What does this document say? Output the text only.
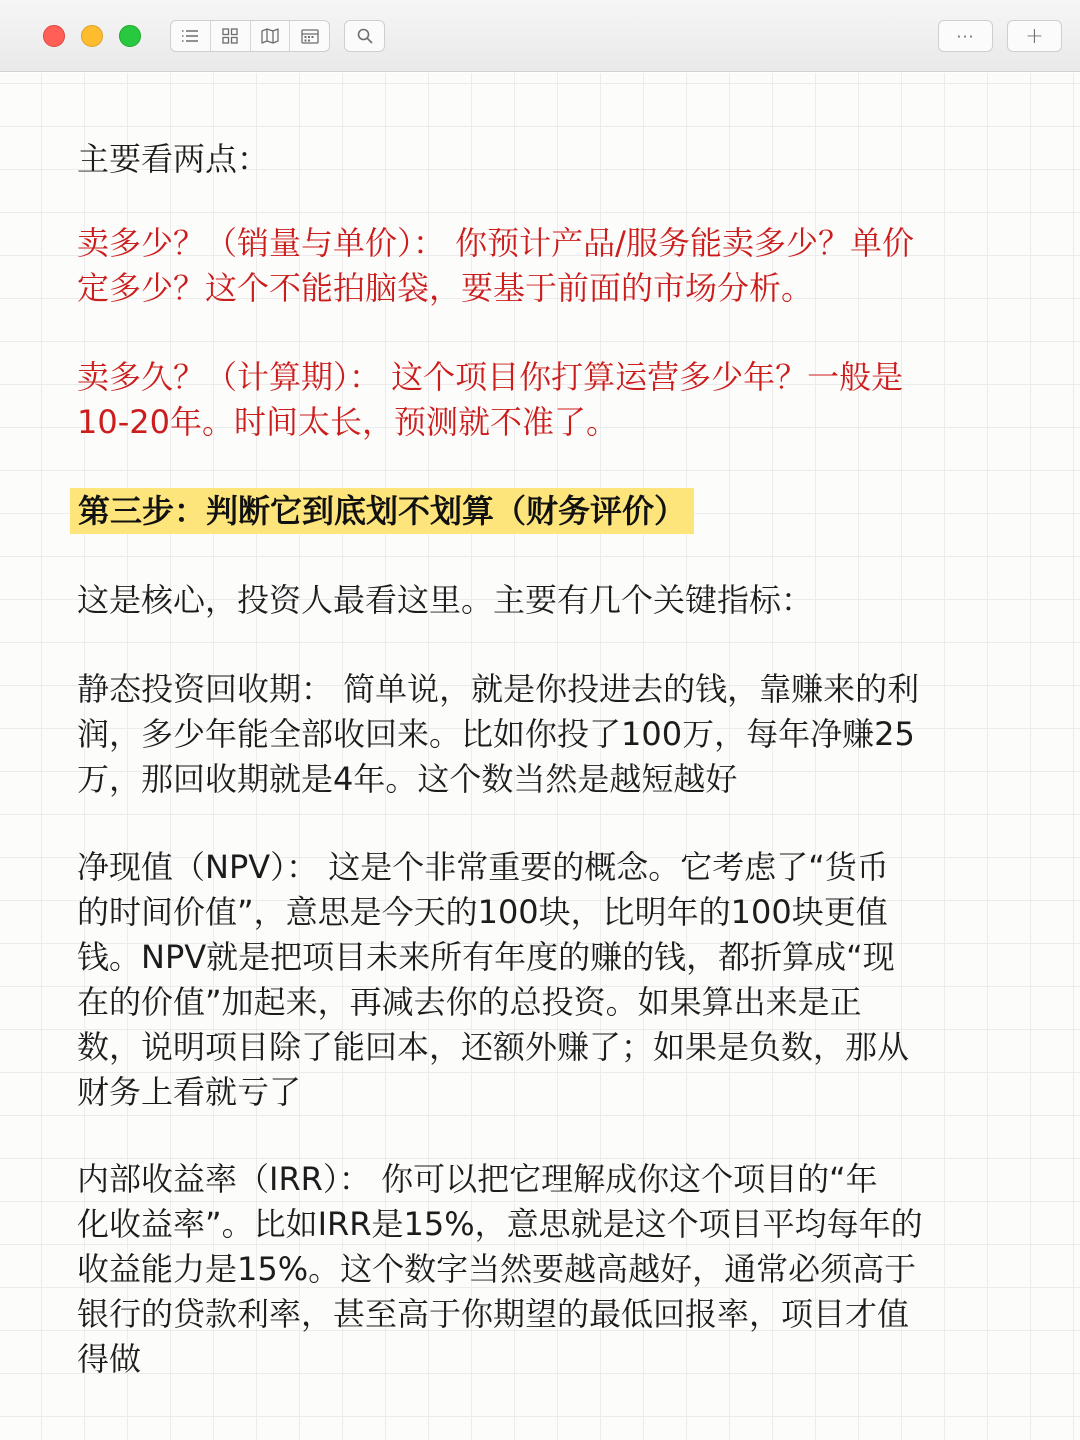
···	+
主要看两点：
卖多少？（销量与单价）： 你预计产品/服务能卖多少？单价
定多少？这个不能拍脑袋，要基于前面的市场分析。
卖多久？（计算期）： 这个项目你打算运营多少年？一般是
10-20年。时间太长，预测就不准了。
这是核心，投资人最看这里。主要有几个关键指标：
静态投资回收期： 简单说，就是你投进去的钱，靠赚来的利
润，多少年能全部收回来。比如你投了100万，每年净赚25
万，那回收期就是4年。这个数当然是越短越好
净现值（NPV）： 这是个非常重要的概念。它考虑了“货币
的时间价值”，意思是今天的100块，比明年的100块更值
钱。NPV就是把项目未来所有年度的赚的钱，都折算成“现
在的价值”加起来，再减去你的总投资。如果算出来是正
数，说明项目除了能回本，还额外赚了；如果是负数，那从
财务上看就亏了
内部收益率（IRR）： 你可以把它理解成你这个项目的“年
化收益率”。比如IRR是15%，意思就是这个项目平均每年的
收益能力是15%。这个数字当然要越高越好，通常必须高于
银行的贷款利率，甚至高于你期望的最低回报率，项目才值
得做
第三步：判断它到底划不划算（财务评价）
